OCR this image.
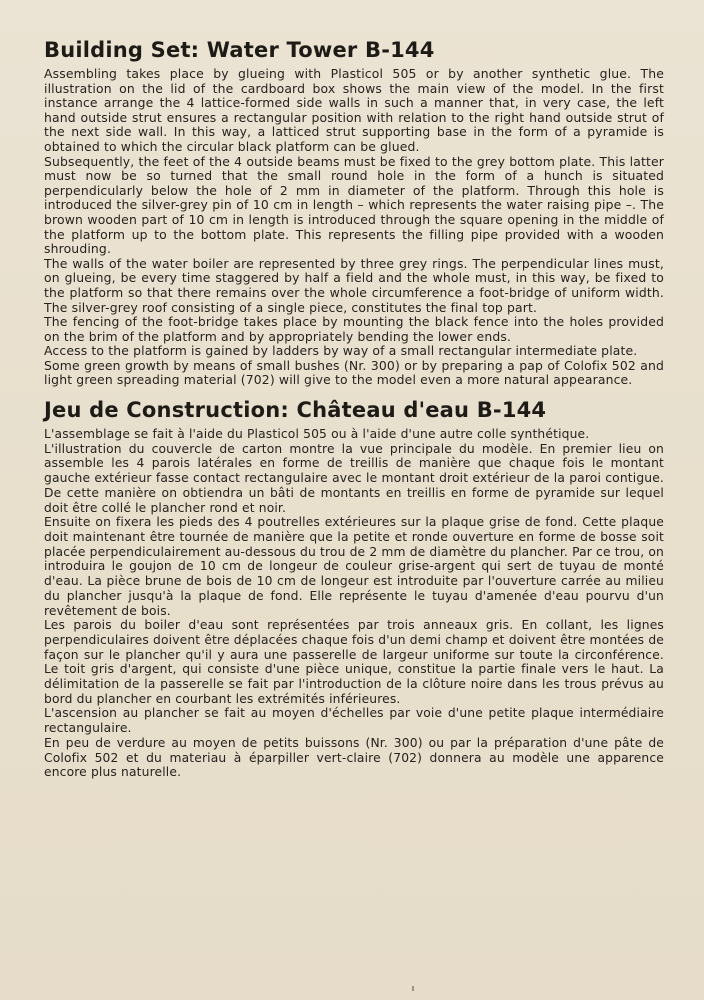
Building Set: Water Tower B-144

Assembling takes place by glueing with Plasticol 505 or by another synthetic glue. The illustration on the lid of the cardboard box shows the main view of the model. In the first instance arrange the 4 lattice-formed side walls in such a manner that, in very case, the left hand outside strut ensures a rectangular position with relation to the right hand outside strut of the next side wall. In this way, a latticed strut supporting base in the form of a pyramide is obtained to which the circular black platform can be glued.

Subsequently, the feet of the 4 outside beams must be fixed to the grey bottom plate. This latter must now be so turned that the small round hole in the form of a hunch is situated perpendicularly below the hole of 2 mm in diameter of the platform. Through this hole is introduced the silver-grey pin of 10 cm in length – which represents the water raising pipe –. The brown wooden part of 10 cm in length is introduced through the square opening in the middle of the platform up to the bottom plate. This represents the filling pipe provided with a wooden shrouding.

The walls of the water boiler are represented by three grey rings. The perpendicular lines must, on glueing, be every time staggered by half a field and the whole must, in this way, be fixed to the platform so that there remains over the whole circumference a foot-bridge of uniform width. The silver-grey roof consisting of a single piece, constitutes the final top part.

The fencing of the foot-bridge takes place by mounting the black fence into the holes provided on the brim of the platform and by appropriately bending the lower ends.

Access to the platform is gained by ladders by way of a small rectangular intermediate plate.

Some green growth by means of small bushes (Nr. 300) or by preparing a pap of Colofix 502 and light green spreading material (702) will give to the model even a more natural appearance.

Jeu de Construction: Château d'eau B-144

L'assemblage se fait à l'aide du Plasticol 505 ou à l'aide d'une autre colle synthétique.

L'illustration du couvercle de carton montre la vue principale du modèle. En premier lieu on assemble les 4 parois latérales en forme de treillis de manière que chaque fois le montant gauche extérieur fasse contact rectangulaire avec le montant droit extérieur de la paroi contigue. De cette manière on obtiendra un bâti de montants en treillis en forme de pyramide sur lequel doit être collé le plancher rond et noir.

Ensuite on fixera les pieds des 4 poutrelles extérieures sur la plaque grise de fond. Cette plaque doit maintenant être tournée de manière que la petite et ronde ouverture en forme de bosse soit placée perpendiculairement au-dessous du trou de 2 mm de diamètre du plancher. Par ce trou, on introduira le goujon de 10 cm de longeur de couleur grise-argent qui sert de tuyau de monté d'eau. La pièce brune de bois de 10 cm de longeur est introduite par l'ouverture carrée au milieu du plancher jusqu'à la plaque de fond. Elle représente le tuyau d'amenée d'eau pourvu d'un revêtement de bois.

Les parois du boiler d'eau sont représentées par trois anneaux gris. En collant, les lignes perpendiculaires doivent être déplacées chaque fois d'un demi champ et doivent être montées de façon sur le plancher qu'il y aura une passerelle de largeur uniforme sur toute la circonférence. Le toit gris d'argent, qui consiste d'une pièce unique, constitue la partie finale vers le haut. La délimitation de la passerelle se fait par l'introduction de la clôture noire dans les trous prévus au bord du plancher en courbant les extrémités inférieures.

L'ascension au plancher se fait au moyen d'échelles par voie d'une petite plaque intermédiaire rectangulaire.

En peu de verdure au moyen de petits buissons (Nr. 300) ou par la préparation d'une pâte de Colofix 502 et du materiau à éparpiller vert-claire (702) donnera au modèle une apparence encore plus naturelle.
